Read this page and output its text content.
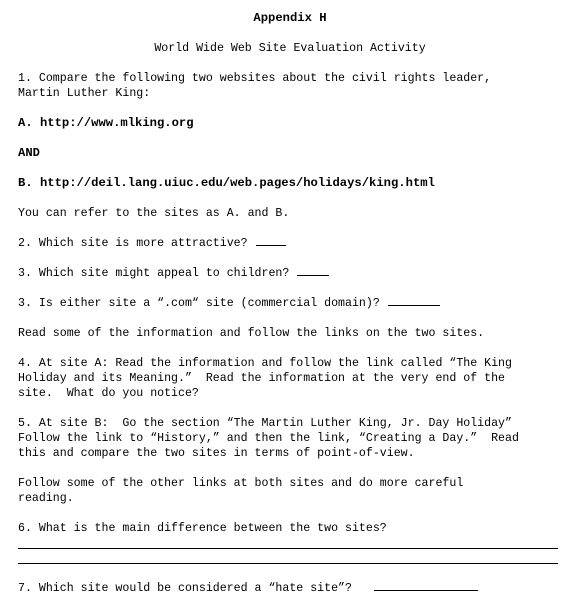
Appendix H
World Wide Web Site Evaluation Activity
1. Compare the following two websites about the civil rights leader,
Martin Luther King:
A. http://www.mlking.org
AND
B. http://deil.lang.uiuc.edu/web.pages/holidays/king.html
You can refer to the sites as A. and B.
2. Which site is more attractive?
3. Which site might appeal to children?
3. Is either site a “.com“ site (commercial domain)?
Read some of the information and follow the links on the two sites.
4. At site A: Read the information and follow the link called “The King
Holiday and its Meaning.”  Read the information at the very end of the
site.  What do you notice?
5. At site B:  Go the section “The Martin Luther King, Jr. Day Holiday”
Follow the link to “History,” and then the link, “Creating a Day.”  Read
this and compare the two sites in terms of point-of-view.
Follow some of the other links at both sites and do more careful
reading.
6. What is the main difference between the two sites?
7. Which site would be considered a “hate site”?
